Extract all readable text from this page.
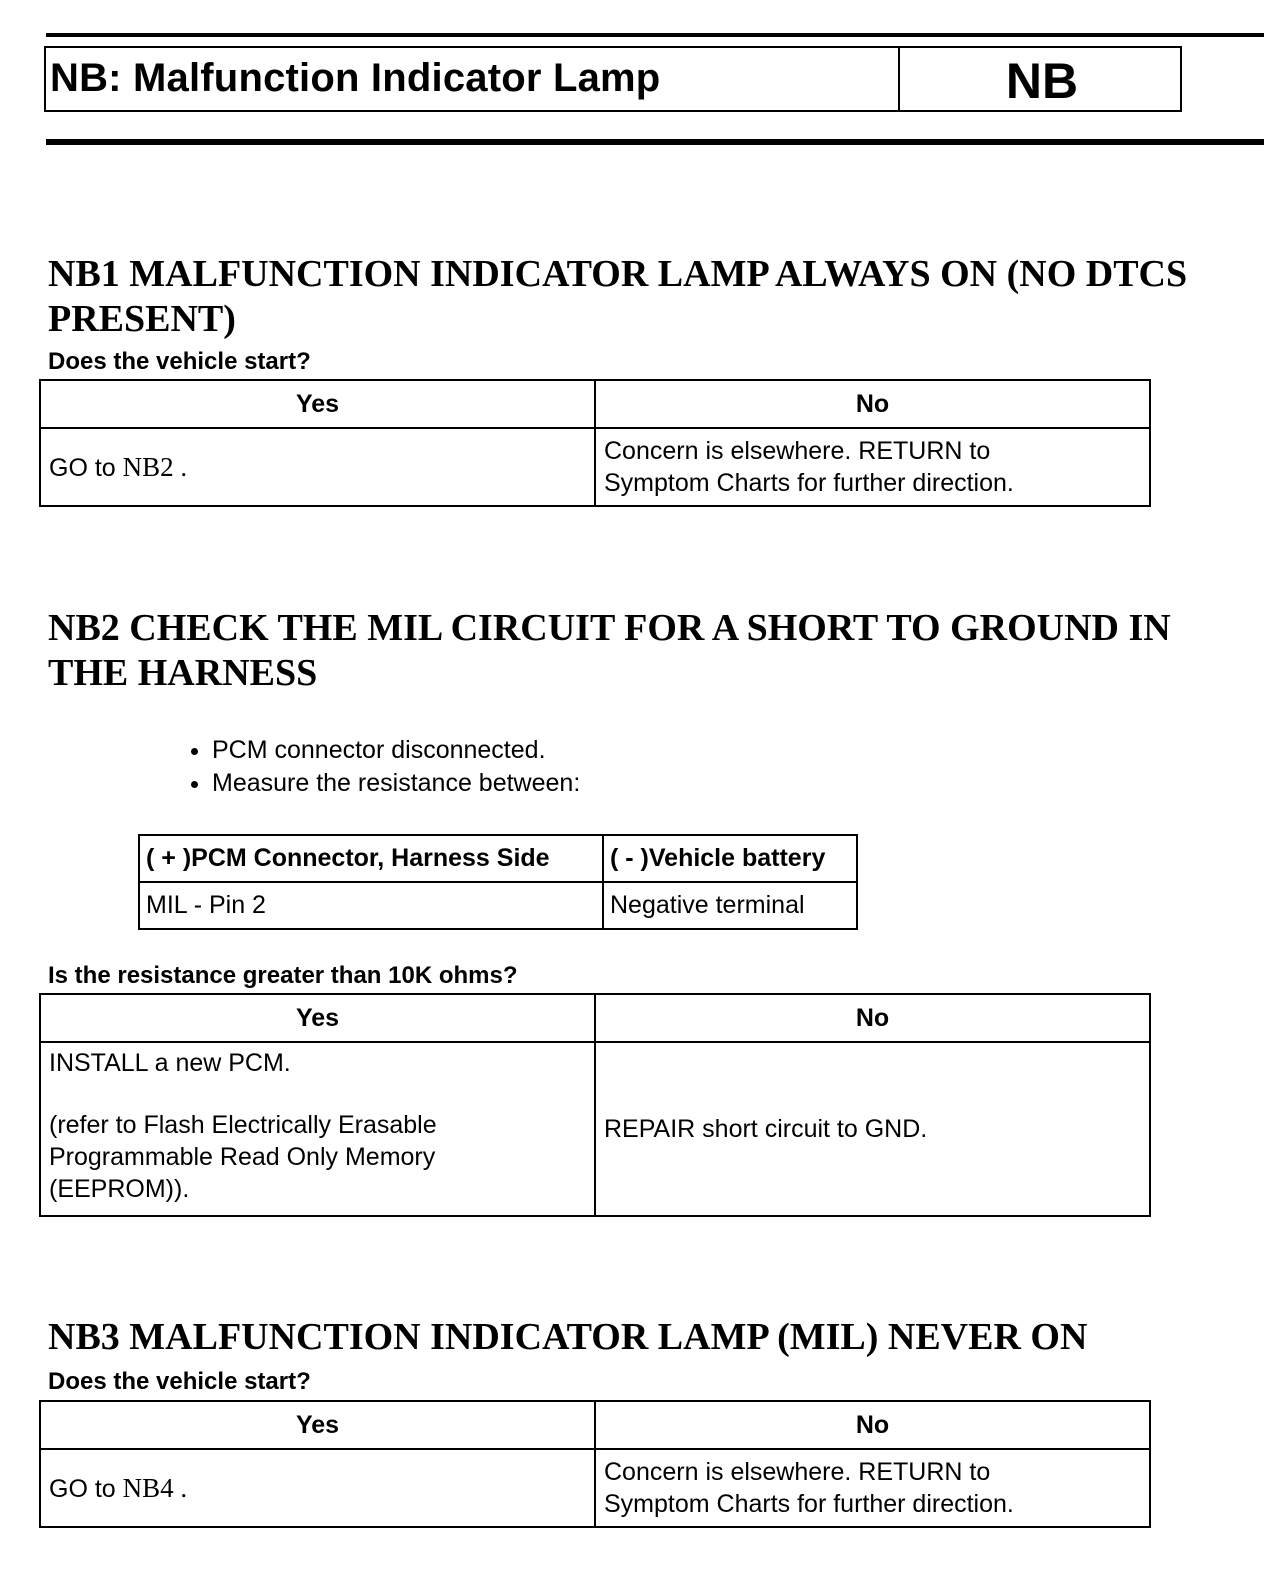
NB: Malfunction Indicator Lamp	NB
NB1 MALFUNCTION INDICATOR LAMP ALWAYS ON (NO DTCS PRESENT)
Does the vehicle start?
Yes	No
GO to NB2 .	Concern is elsewhere. RETURN to
Symptom Charts for further direction.
NB2 CHECK THE MIL CIRCUIT FOR A SHORT TO GROUND IN THE HARNESS
• PCM connector disconnected.
• Measure the resistance between:
( + )PCM Connector, Harness Side	( - )Vehicle battery
MIL - Pin 2	Negative terminal
Is the resistance greater than 10K ohms?
Yes	No

INSTALL a new PCM.
(refer to Flash Electrically Erasable
Programmable Read Only Memory
(EEPROM)).	REPAIR short circuit to GND.
NB3 MALFUNCTION INDICATOR LAMP (MIL) NEVER ON
Does the vehicle start?
Yes	No
GO to NB4 .	Concern is elsewhere. RETURN to
Symptom Charts for further direction.
